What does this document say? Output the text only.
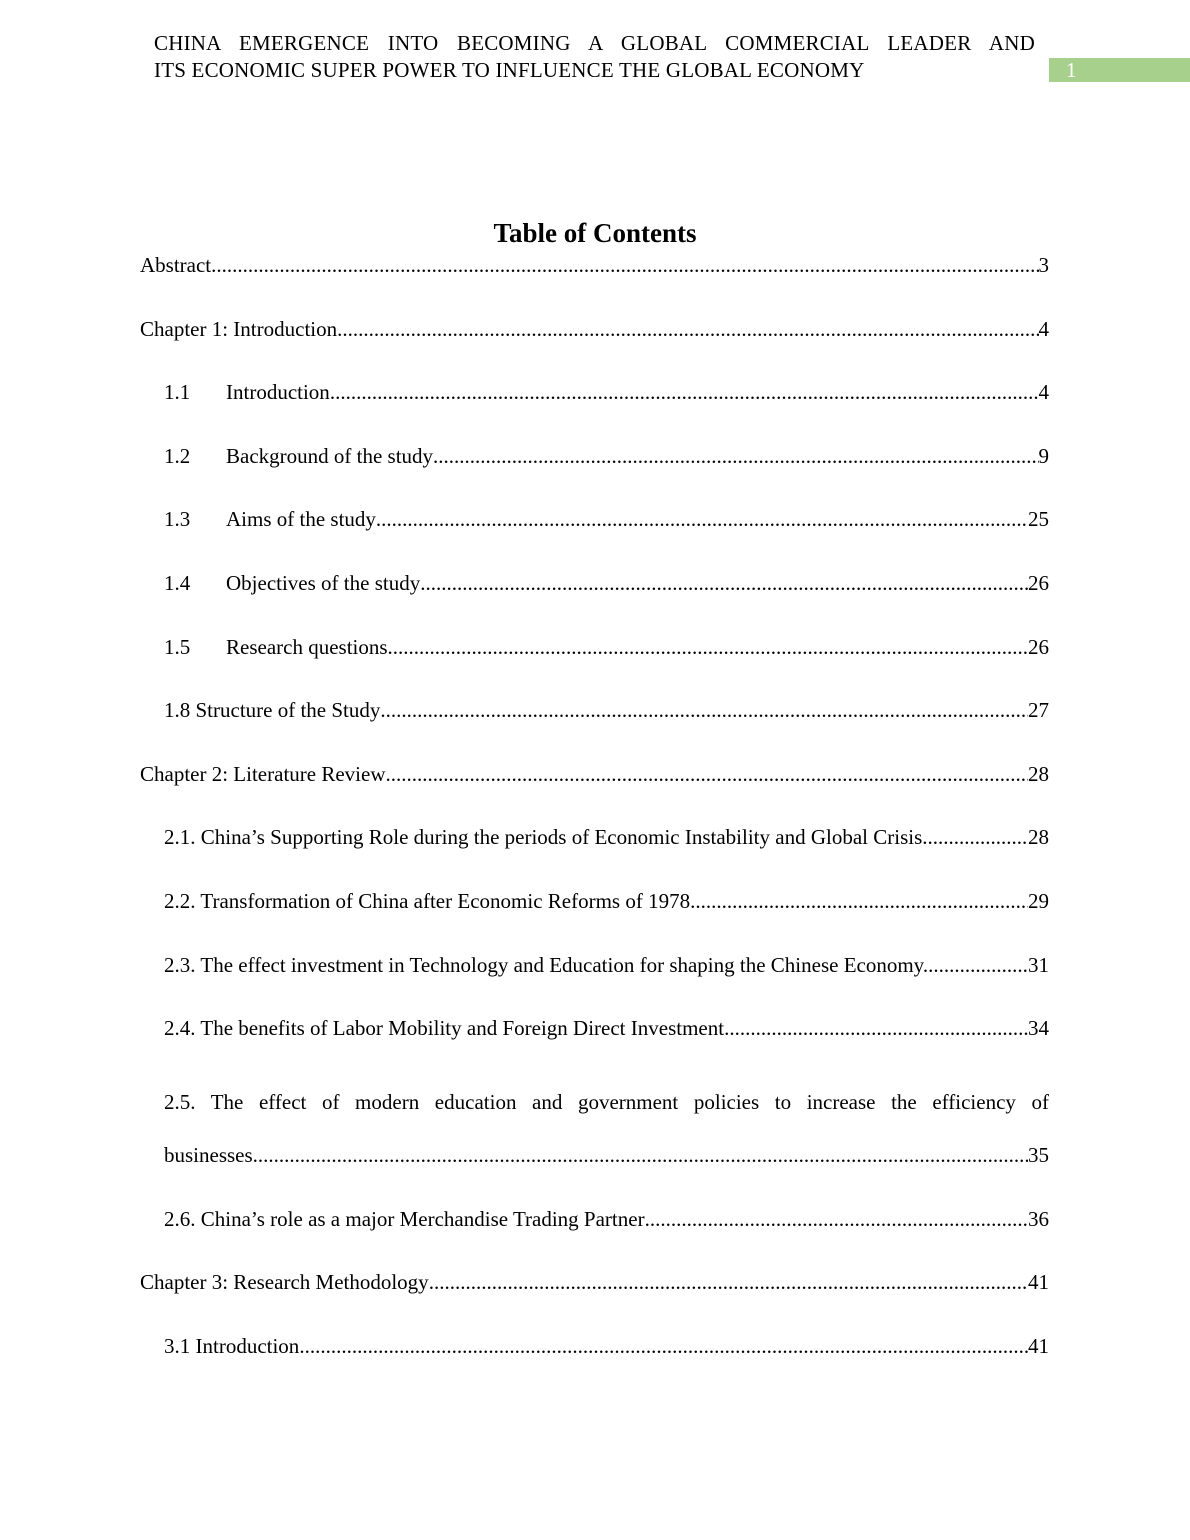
CHINA EMERGENCE INTO BECOMING A GLOBAL COMMERCIAL LEADER AND
ITS ECONOMIC SUPER POWER TO INFLUENCE THE GLOBAL ECONOMY	1
Table of Contents
Abstract .....	3
Chapter 1: Introduction .....	4
1.1	Introduction .....	4
1.2	Background of the study .....	9
1.3	Aims of the study .....	25
1.4	Objectives of the study .....	26
1.5	Research questions .....	26
1.8 Structure of the Study .....	27
Chapter 2: Literature Review .....	28
2.1. China’s Supporting Role during the periods of Economic Instability and Global Crisis .....	28
2.2. Transformation of China after Economic Reforms of 1978 .....	29
2.3. The effect investment in Technology and Education for shaping the Chinese Economy. .....	31
2.4. The benefits of Labor Mobility and Foreign Direct Investment .....	34
2.5. The effect of modern education and government policies to increase the efficiency of
businesses .....	35
2.6. China’s role as a major Merchandise Trading Partner .....	36
Chapter 3: Research Methodology .....	41
3.1 Introduction .....	41
